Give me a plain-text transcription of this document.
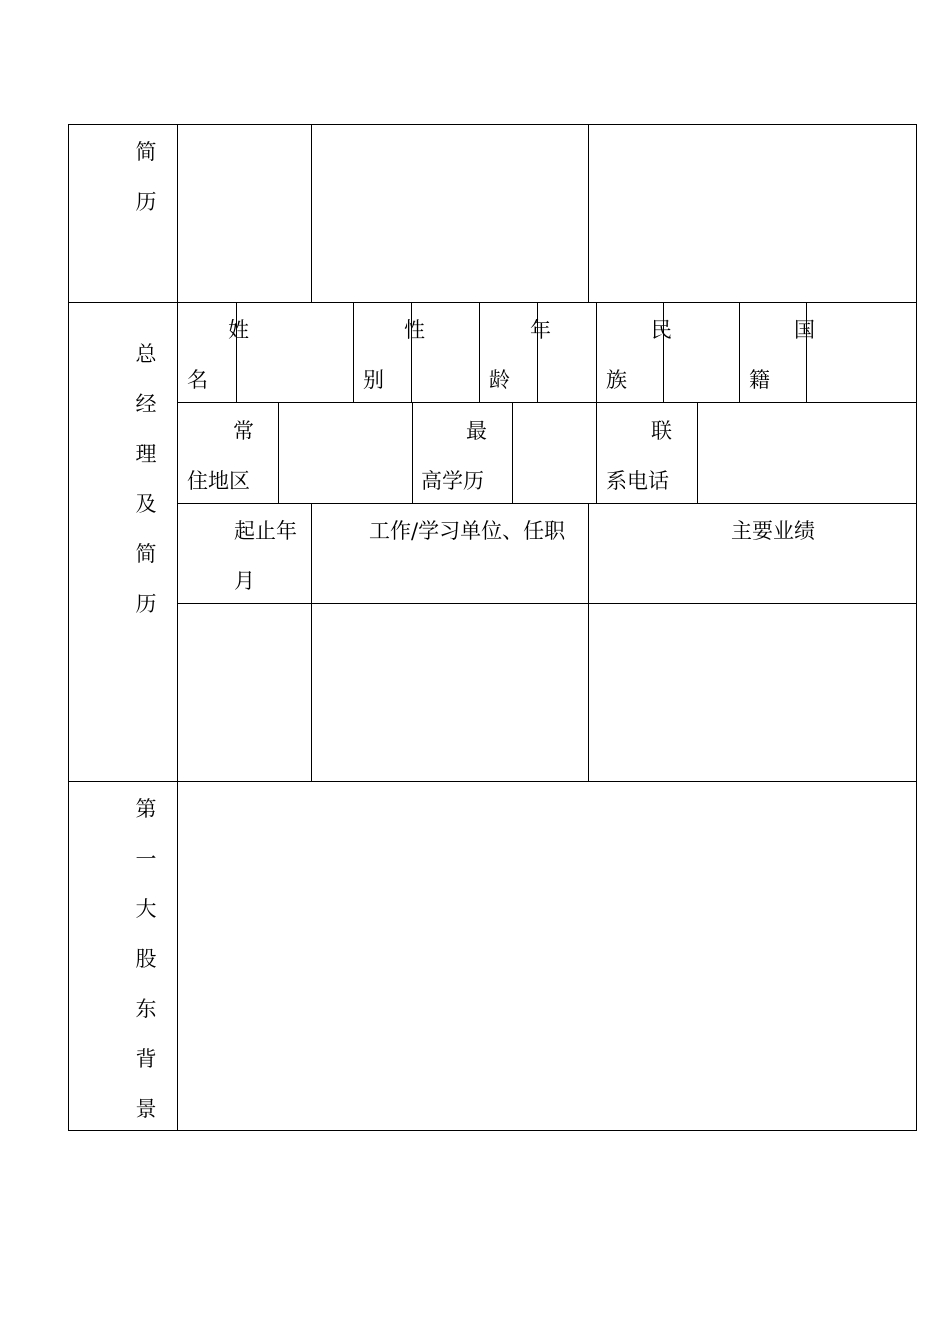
简
历
总
经
理
及
简
历
姓
名
性
别
年
龄
民
族
国
籍
常
住地区
最
高学历
联
系电话
起止年
月
工作/学习单位、任职	主要业绩
第
一
大
股
东
背
景
